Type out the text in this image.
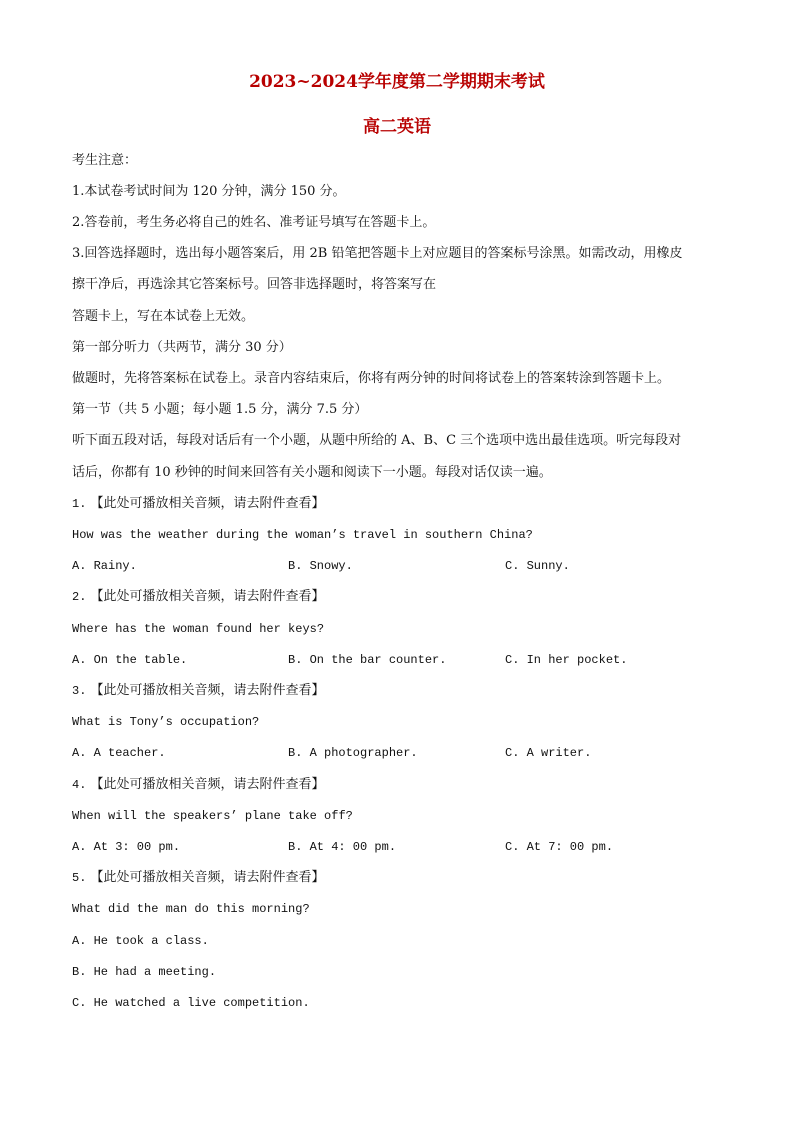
2023~2024学年度第二学期期末考试
高二英语

考生注意：

1.本试卷考试时间为 120 分钟，满分 150 分。

2.答卷前，考生务必将自己的姓名、准考证号填写在答题卡上。

3.回答选择题时，选出每小题答案后，用 2B 铅笔把答题卡上对应题目的答案标号涂黑。如需改动，用橡皮

擦干净后，再选涂其它答案标号。回答非选择题时，将答案写在

答题卡上，写在本试卷上无效。

第一部分听力（共两节，满分 30 分）

做题时，先将答案标在试卷上。录音内容结束后，你将有两分钟的时间将试卷上的答案转涂到答题卡上。

第一节（共 5 小题；每小题 1.5 分，满分 7.5 分）

听下面五段对话，每段对话后有一个小题，从题中所给的 A、B、C 三个选项中选出最佳选项。听完每段对

话后，你都有 10 秒钟的时间来回答有关小题和阅读下一小题。每段对话仅读一遍。

1. 【此处可播放相关音频，请去附件查看】

How was the weather during the woman’s travel in southern China?

A. Rainy.	B. Snowy.	C. Sunny.

2. 【此处可播放相关音频，请去附件查看】

Where has the woman found her keys?

A. On the table.	B. On the bar counter.	C. In her pocket.

3. 【此处可播放相关音频，请去附件查看】

What is Tony’s occupation?

A. A teacher.	B. A photographer.	C. A writer.

4. 【此处可播放相关音频，请去附件查看】

When will the speakers’ plane take off?

A. At 3: 00 pm.	B. At 4: 00 pm.	C. At 7: 00 pm.

5. 【此处可播放相关音频，请去附件查看】

What did the man do this morning?

A. He took a class.

B. He had a meeting.

C. He watched a live competition.
